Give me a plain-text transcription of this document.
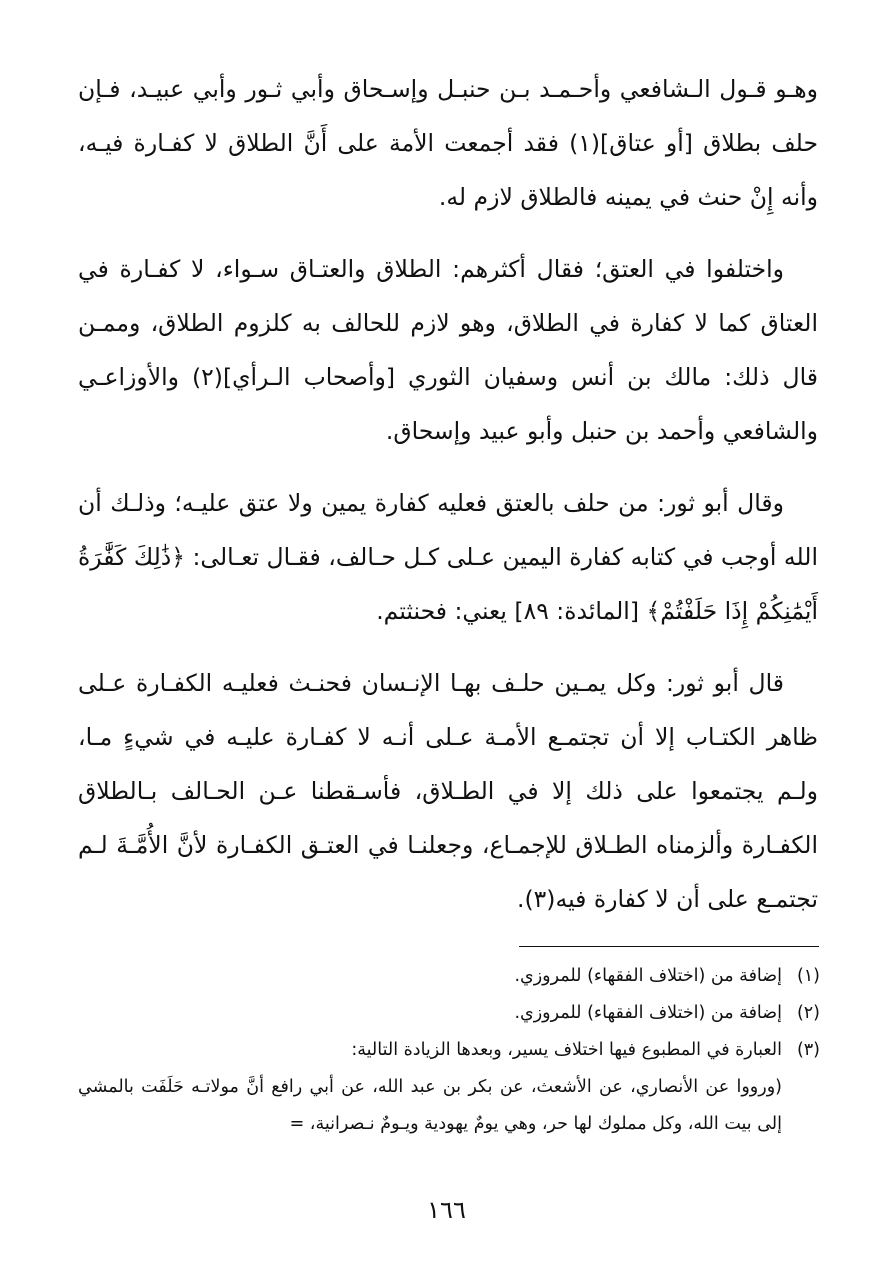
وهـو قـول الـشافعي وأحـمـد بـن حنبـل وإسـحاق وأبي ثـور وأبي عبيـد، فـإن حلف بطلاق [أو عتاق](١) فقد أجمعت الأمة على أَنَّ الطلاق لا كفـارة فيـه، وأنه إِنْ حنث في يمينه فالطلاق لازم له.

واختلفوا في العتق؛ فقال أكثرهم: الطلاق والعتـاق سـواء، لا كفـارة في العتاق كما لا كفارة في الطلاق، وهو لازم للحالف به كلزوم الطلاق، وممـن قال ذلك: مالك بن أنس وسفيان الثوري [وأصحاب الـرأي](٢) والأوزاعـي والشافعي وأحمد بن حنبل وأبو عبيد وإسحاق.

وقال أبو ثور: من حلف بالعتق فعليه كفارة يمين ولا عتق عليـه؛ وذلـك أن الله أوجب في كتابه كفارة اليمين عـلى كـل حـالف، فقـال تعـالى: ﴿ذَٰلِكَ كَفَّٰرَةُ أَيْمَٰنِكُمْ إِذَا حَلَفْتُمْ﴾ [المائدة: ٨٩] يعني: فحنثتم.

قال أبو ثور: وكل يمـين حلـف بهـا الإنـسان فحنـث فعليـه الكفـارة عـلى ظاهر الكتـاب إلا أن تجتمـع الأمـة عـلى أنـه لا كفـارة عليـه في شيءٍ مـا، ولـم يجتمعوا على ذلك إلا في الطـلاق، فأسـقطنا عـن الحـالف بـالطلاق الكفـارة وألزمناه الطـلاق للإجمـاع، وجعلنـا في العتـق الكفـارة لأنَّ الأُمَّـةَ لـم تجتمـع على أن لا كفارة فيه(٣).

(١)إضافة من (اختلاف الفقهاء) للمروزي.

(٢)إضافة من (اختلاف الفقهاء) للمروزي.

(٣)العبارة في المطبوع فيها اختلاف يسير، وبعدها الزيادة التالية:

(ورووا عن الأنصاري، عن الأشعث، عن بكر بن عبد الله، عن أبي رافع أنَّ مولاتـه حَلَفَت بالمشي إلى بيت الله، وكل مملوك لها حر، وهي يومٌ يهودية ويـومٌ نـصرانية، =

١٦٦
